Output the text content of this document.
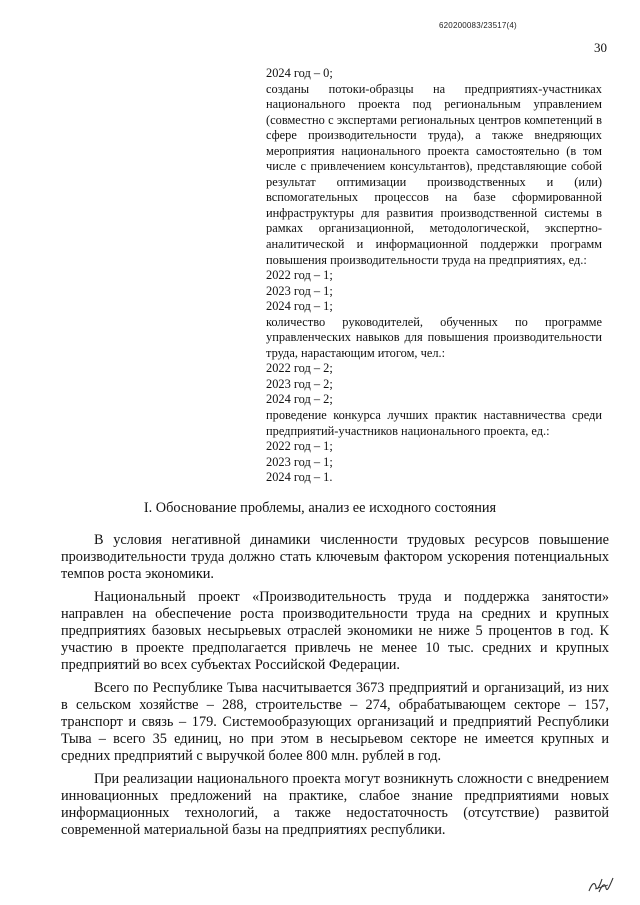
620200083/23517(4)
30
2024 год – 0;
созданы потоки-образцы на предприятиях-участниках национального проекта под региональным управлением (совместно с экспертами региональных центров компетенций в сфере производительности труда), а также внедряющих мероприятия национального проекта самостоятельно (в том числе с привлечением консультантов), представляющие собой результат оптимизации производственных и (или) вспомогательных процессов на базе сформированной инфраструктуры для развития производственной системы в рамках организационной, методологической, экспертно-аналитической и информационной поддержки программ повышения производительности труда на предприятиях, ед.:
2022 год – 1;
2023 год – 1;
2024 год – 1;
количество руководителей, обученных по программе управленческих навыков для повышения производительности труда, нарастающим итогом, чел.:
2022 год – 2;
2023 год – 2;
2024 год – 2;
проведение конкурса лучших практик наставничества среди предприятий-участников национального проекта, ед.:
2022 год – 1;
2023 год – 1;
2024 год – 1.
I. Обоснование проблемы, анализ ее исходного состояния

В условия негативной динамики численности трудовых ресурсов повышение производительности труда должно стать ключевым фактором ускорения потенциальных темпов роста экономики.

Национальный проект «Производительность труда и поддержка занятости» направлен на обеспечение роста производительности труда на средних и крупных предприятиях базовых несырьевых отраслей экономики не ниже 5 процентов в год. К участию в проекте предполагается привлечь не менее 10 тыс. средних и крупных предприятий во всех субъектах Российской Федерации.

Всего по Республике Тыва насчитывается 3673 предприятий и организаций, из них в сельском хозяйстве – 288, строительстве – 274, обрабатывающем секторе – 157, транспорт и связь – 179. Системообразующих организаций и предприятий Республики Тыва – всего 35 единиц, но при этом в несырьевом секторе не имеется крупных и средних предприятий с выручкой более 800 млн. рублей в год.

При реализации национального проекта могут возникнуть сложности с внедрением инновационных предложений на практике, слабое знание предприятиями новых информационных технологий, а также недостаточность (отсутствие) развитой современной материальной базы на предприятиях республики.
